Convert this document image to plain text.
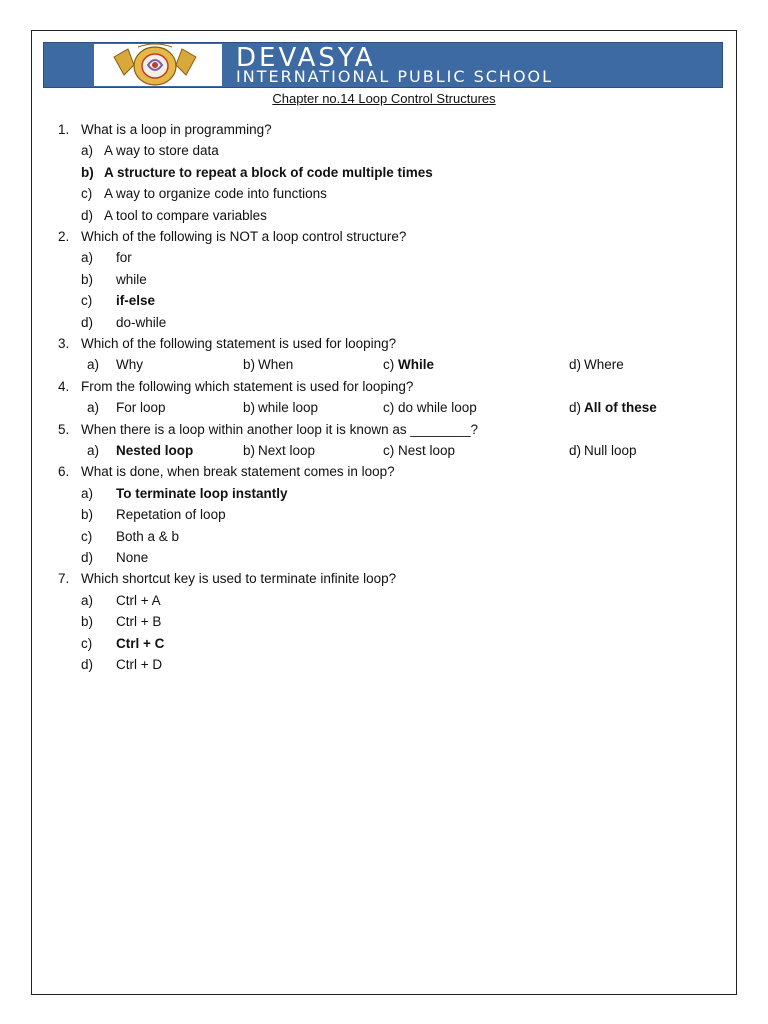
DEVASYA
INTERNATIONAL PUBLIC SCHOOL
Chapter no.14 Loop Control Structures
1. What is a loop in programming?
a) A way to store data
b) A structure to repeat a block of code multiple times
c) A way to organize code into functions
d) A tool to compare variables
2. Which of the following is NOT a loop control structure?
a) for
b) while
c) if-else
d) do-while
3. Which of the following statement is used for looping?
a) Why	b) When	c) While	d) Where
4. From the following which statement is used for looping?
a) For loop	b) while loop	c) do while loop	d) All of these
5. When there is a loop within another loop it is known as ________?
a) Nested loop	b) Next loop	c) Nest loop	d) Null loop
6. What is done, when break statement comes in loop?
a) To terminate loop instantly
b) Repetation of loop
c) Both a & b
d) None
7. Which shortcut key is used to terminate infinite loop?
a) Ctrl + A
b) Ctrl + B
c) Ctrl + C
d) Ctrl + D
